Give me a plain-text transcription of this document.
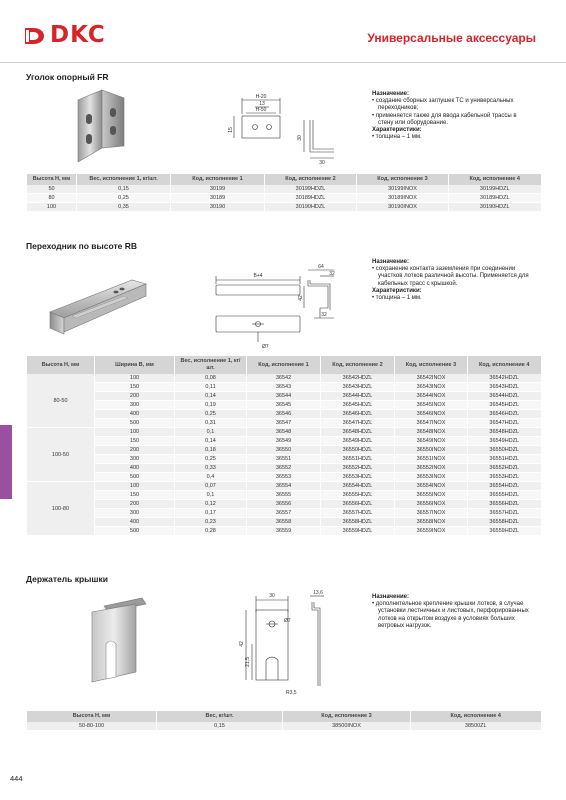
DKC	Универсальные аксессуары
Уголок опорный FR
H-20
13
H-50
30
15
30
Назначение:
• создание сборных заглушек ТС и универсальных переходников;
• применяется также для ввода кабельной трассы в стену или оборудование.
Характеристики:
• толщина – 1 мм.
Высота H, мм	Вес, исполнение 1, кг/шт.	Код, исполнение 1	Код, исполнение 2	Код, исполнение 3	Код, исполнение 4
50	0,15	30199	30199HDZL	30199INOX	30199HDZL
80	0,25	30189	30189HDZL	30189INOX	30189HDZL
100	0,35	30190	30190HDZL	30190INOX	30190HDZL
Переходник по высоте RB
B+4
64
32
42
32
Ø7
Назначение:
• сохранение контакта заземления при соединении участков лотков различной высоты. Применяется для кабельных трасс с крышкой.
Характеристики:
• толщина – 1 мм.
Высота H, мм	Ширина B, мм	Вес, исполнение 1, кг/шт.	Код, исполнение 1	Код, исполнение 2	Код, исполнение 3	Код, исполнение 4
80-50	100	0,08	36542	36542HDZL	36542INOX	36542HDZL
	150	0,11	36543	36543HDZL	36543INOX	36543HDZL
	200	0,14	36544	36544HDZL	36544INOX	36544HDZL
	300	0,19	36545	36545HDZL	36545INOX	36545HDZL
	400	0,25	36546	36546HDZL	36546INOX	36546HDZL
	500	0,31	36547	36547HDZL	36547INOX	36547HDZL
100-50	100	0,1	36548	36548HDZL	36548INOX	36548HDZL
	150	0,14	36549	36549HDZL	36549INOX	36549HDZL
	200	0,18	36550	36550HDZL	36550INOX	36550HDZL
	300	0,25	36551	36551HDZL	36551INOX	36551HDZL
	400	0,33	36552	36552HDZL	36552INOX	36552HDZL
	500	0,4	36553	36553HDZL	36553INOX	36553HDZL
100-80	100	0,07	36554	36554HDZL	36554INOX	36554HDZL
	150	0,1	36555	36555HDZL	36555INOX	36555HDZL
	200	0,12	36556	36556HDZL	36556INOX	36556HDZL
	300	0,17	36557	36557HDZL	36557INOX	36557HDZL
	400	0,23	36558	36558HDZL	36558INOX	36558HDZL
	500	0,28	36559	36559HDZL	36559INOX	36559HDZL
Держатель крышки
30	13,6
Ø7
42
21,5
R3,5
Назначение:
• дополнительное крепление крышки лотков, в случае установки лестничных и листовых, перфорированных лотков на открытом воздухе в условиях больших ветровых нагрузок.
Высота H, мм	Вес, кг/шт.	Код, исполнение 3	Код, исполнение 4
50-80-100	0,15	38500INOX	38500ZL
444
